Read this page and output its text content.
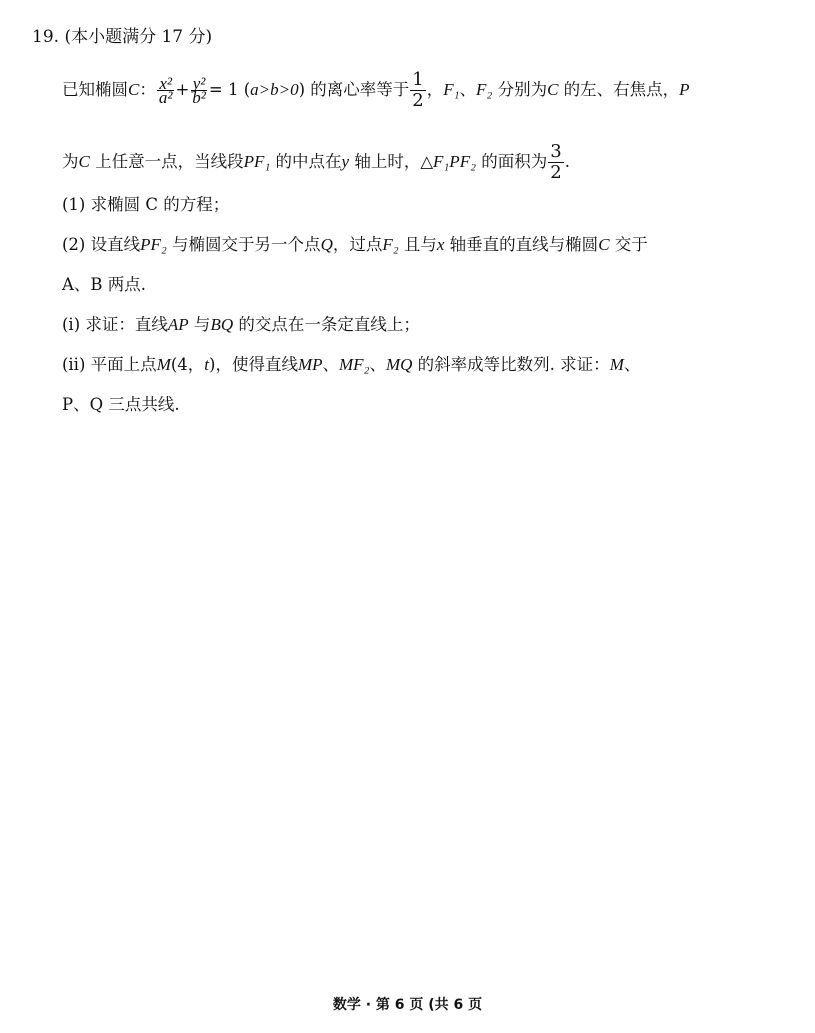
19. (本小题满分 17 分)
已知椭圆C： $\frac{\text{x²}}{\text{a²}} + \frac{\text{y²}}{\text{b²}} = 1$ (a>b>0) 的离心率等于 $\frac{1}{2}$ ，F₁、F₂ 分别为C 的左、右焦点，P
为C 上任意一点，当线段PF₁ 的中点在y 轴上时，△F₁PF₂ 的面积为 $\frac{3}{2}$ .
(1) 求椭圆 C 的方程；
(2) 设直线PF₂ 与椭圆交于另一个点Q，过点F₂ 且与x 轴垂直的直线与椭圆C 交于
A、B 两点.
(ⅰ) 求证：直线AP 与BQ 的交点在一条定直线上；
(ⅱ) 平面上点M(4，t)，使得直线MP、MF₂、MQ 的斜率成等比数列. 求证：M、
P、Q 三点共线.
数学 · 第 6 页 (共 6 页
